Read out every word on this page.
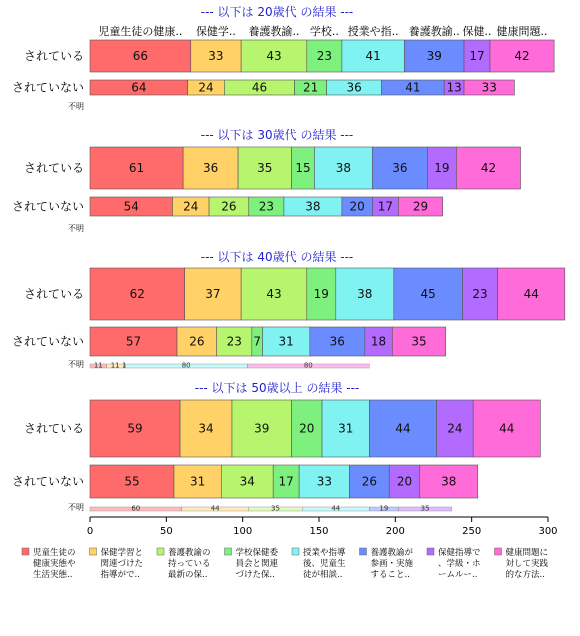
児童生徒の健康.. 保健学.. 養護教諭.. 学校.. 授業や指.. 養護教諭.. 保健.. 健康問題..
--- 以下は 20歳代 の結果 ---
されている	66	33	43	23	41	39 17 42
されていない	64	24	46	21 36	41 13 33
不明
--- 以下は 30歳代 の結果 ---
されている	61	36	35 15 38	36 19	42
されていない	54	24 26 23	38 20 17 29
不明
--- 以下は 40歳代 の結果 ---
されている	62	37	43	19 38	45	23	44
されていない	57	26 23 7 31	36 18 35
不明 11 11 1	80	80
--- 以下は 50歳以上 の結果 ---
されている	59	34	39 20 31	44	24	44
されていない	55	31	34 17 33 26 20 38
不明	60	44	35	44	19	35
0	50	100	150	200	250	300
児童生徒の
健康実態や
生活実態..
保健学習と
関連づけた
指導がで..
養護教諭の
持っている
最新の保..
学校保健委
員会と関連
づけた保..
授業や指導
後、児童生
徒が相談..
養護教諭が
参画・実施
すること..
保健指導で
、学級・ホ
ームルー..
健康問題に
対して実践
的な方法..
